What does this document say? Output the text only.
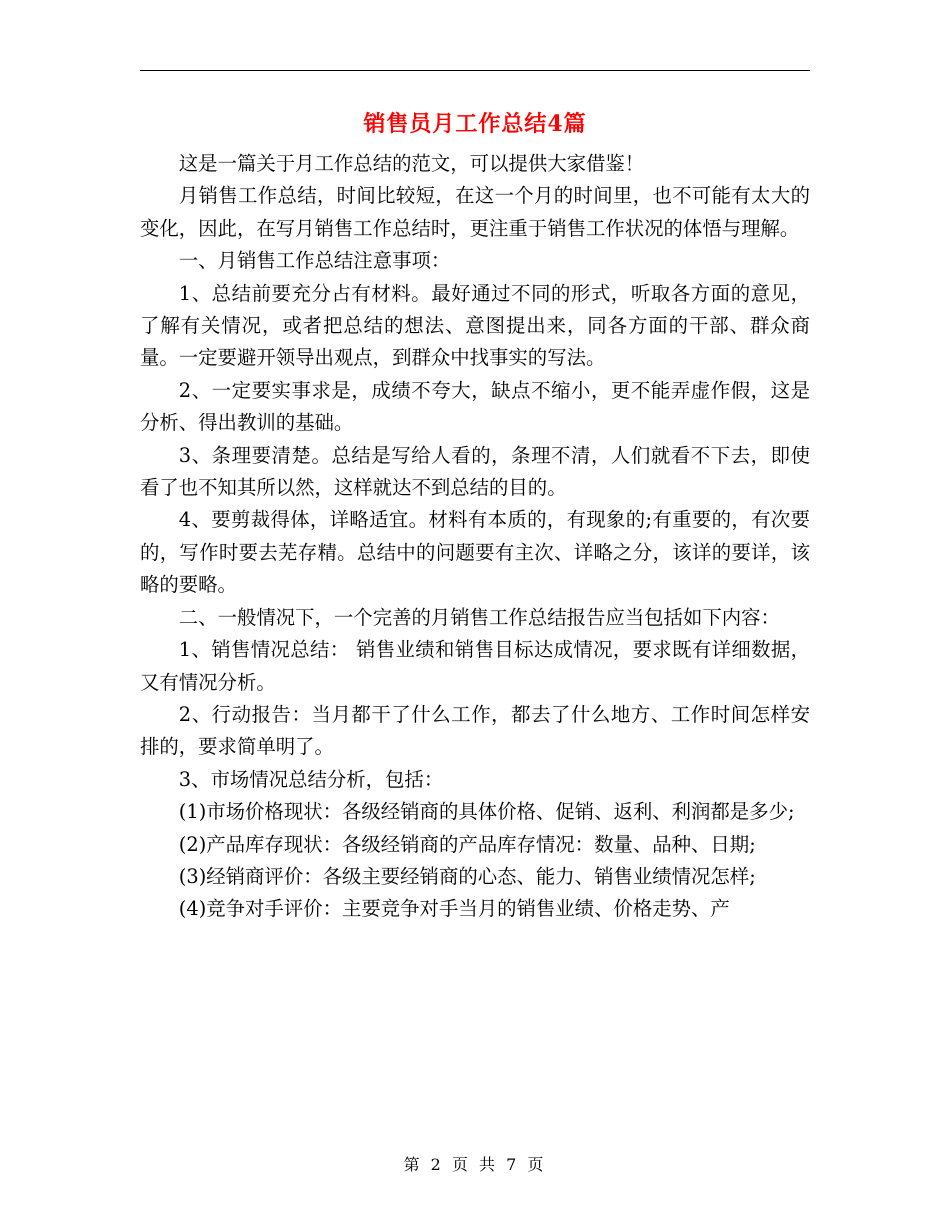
销售员月工作总结4篇

这是一篇关于月工作总结的范文，可以提供大家借鉴！

月销售工作总结，时间比较短，在这一个月的时间里，也不可能有太大的变化，因此，在写月销售工作总结时，更注重于销售工作状况的体悟与理解。

一、月销售工作总结注意事项：

1、总结前要充分占有材料。最好通过不同的形式，听取各方面的意见，了解有关情况，或者把总结的想法、意图提出来，同各方面的干部、群众商量。一定要避开领导出观点，到群众中找事实的写法。

2、一定要实事求是，成绩不夸大，缺点不缩小，更不能弄虚作假，这是分析、得出教训的基础。

3、条理要清楚。总结是写给人看的，条理不清，人们就看不下去，即使看了也不知其所以然，这样就达不到总结的目的。

4、要剪裁得体，详略适宜。材料有本质的，有现象的;有重要的，有次要的，写作时要去芜存精。总结中的问题要有主次、详略之分，该详的要详，该略的要略。

二、一般情况下，一个完善的月销售工作总结报告应当包括如下内容：

1、销售情况总结： 销售业绩和销售目标达成情况，要求既有详细数据，又有情况分析。

2、行动报告：当月都干了什么工作，都去了什么地方、工作时间怎样安排的，要求简单明了。

3、市场情况总结分析，包括：

(1)市场价格现状：各级经销商的具体价格、促销、返利、利润都是多少;

(2)产品库存现状：各级经销商的产品库存情况：数量、品种、日期;

(3)经销商评价：各级主要经销商的心态、能力、销售业绩情况怎样;

(4)竞争对手评价：主要竞争对手当月的销售业绩、价格走势、产

第 2 页 共 7 页
